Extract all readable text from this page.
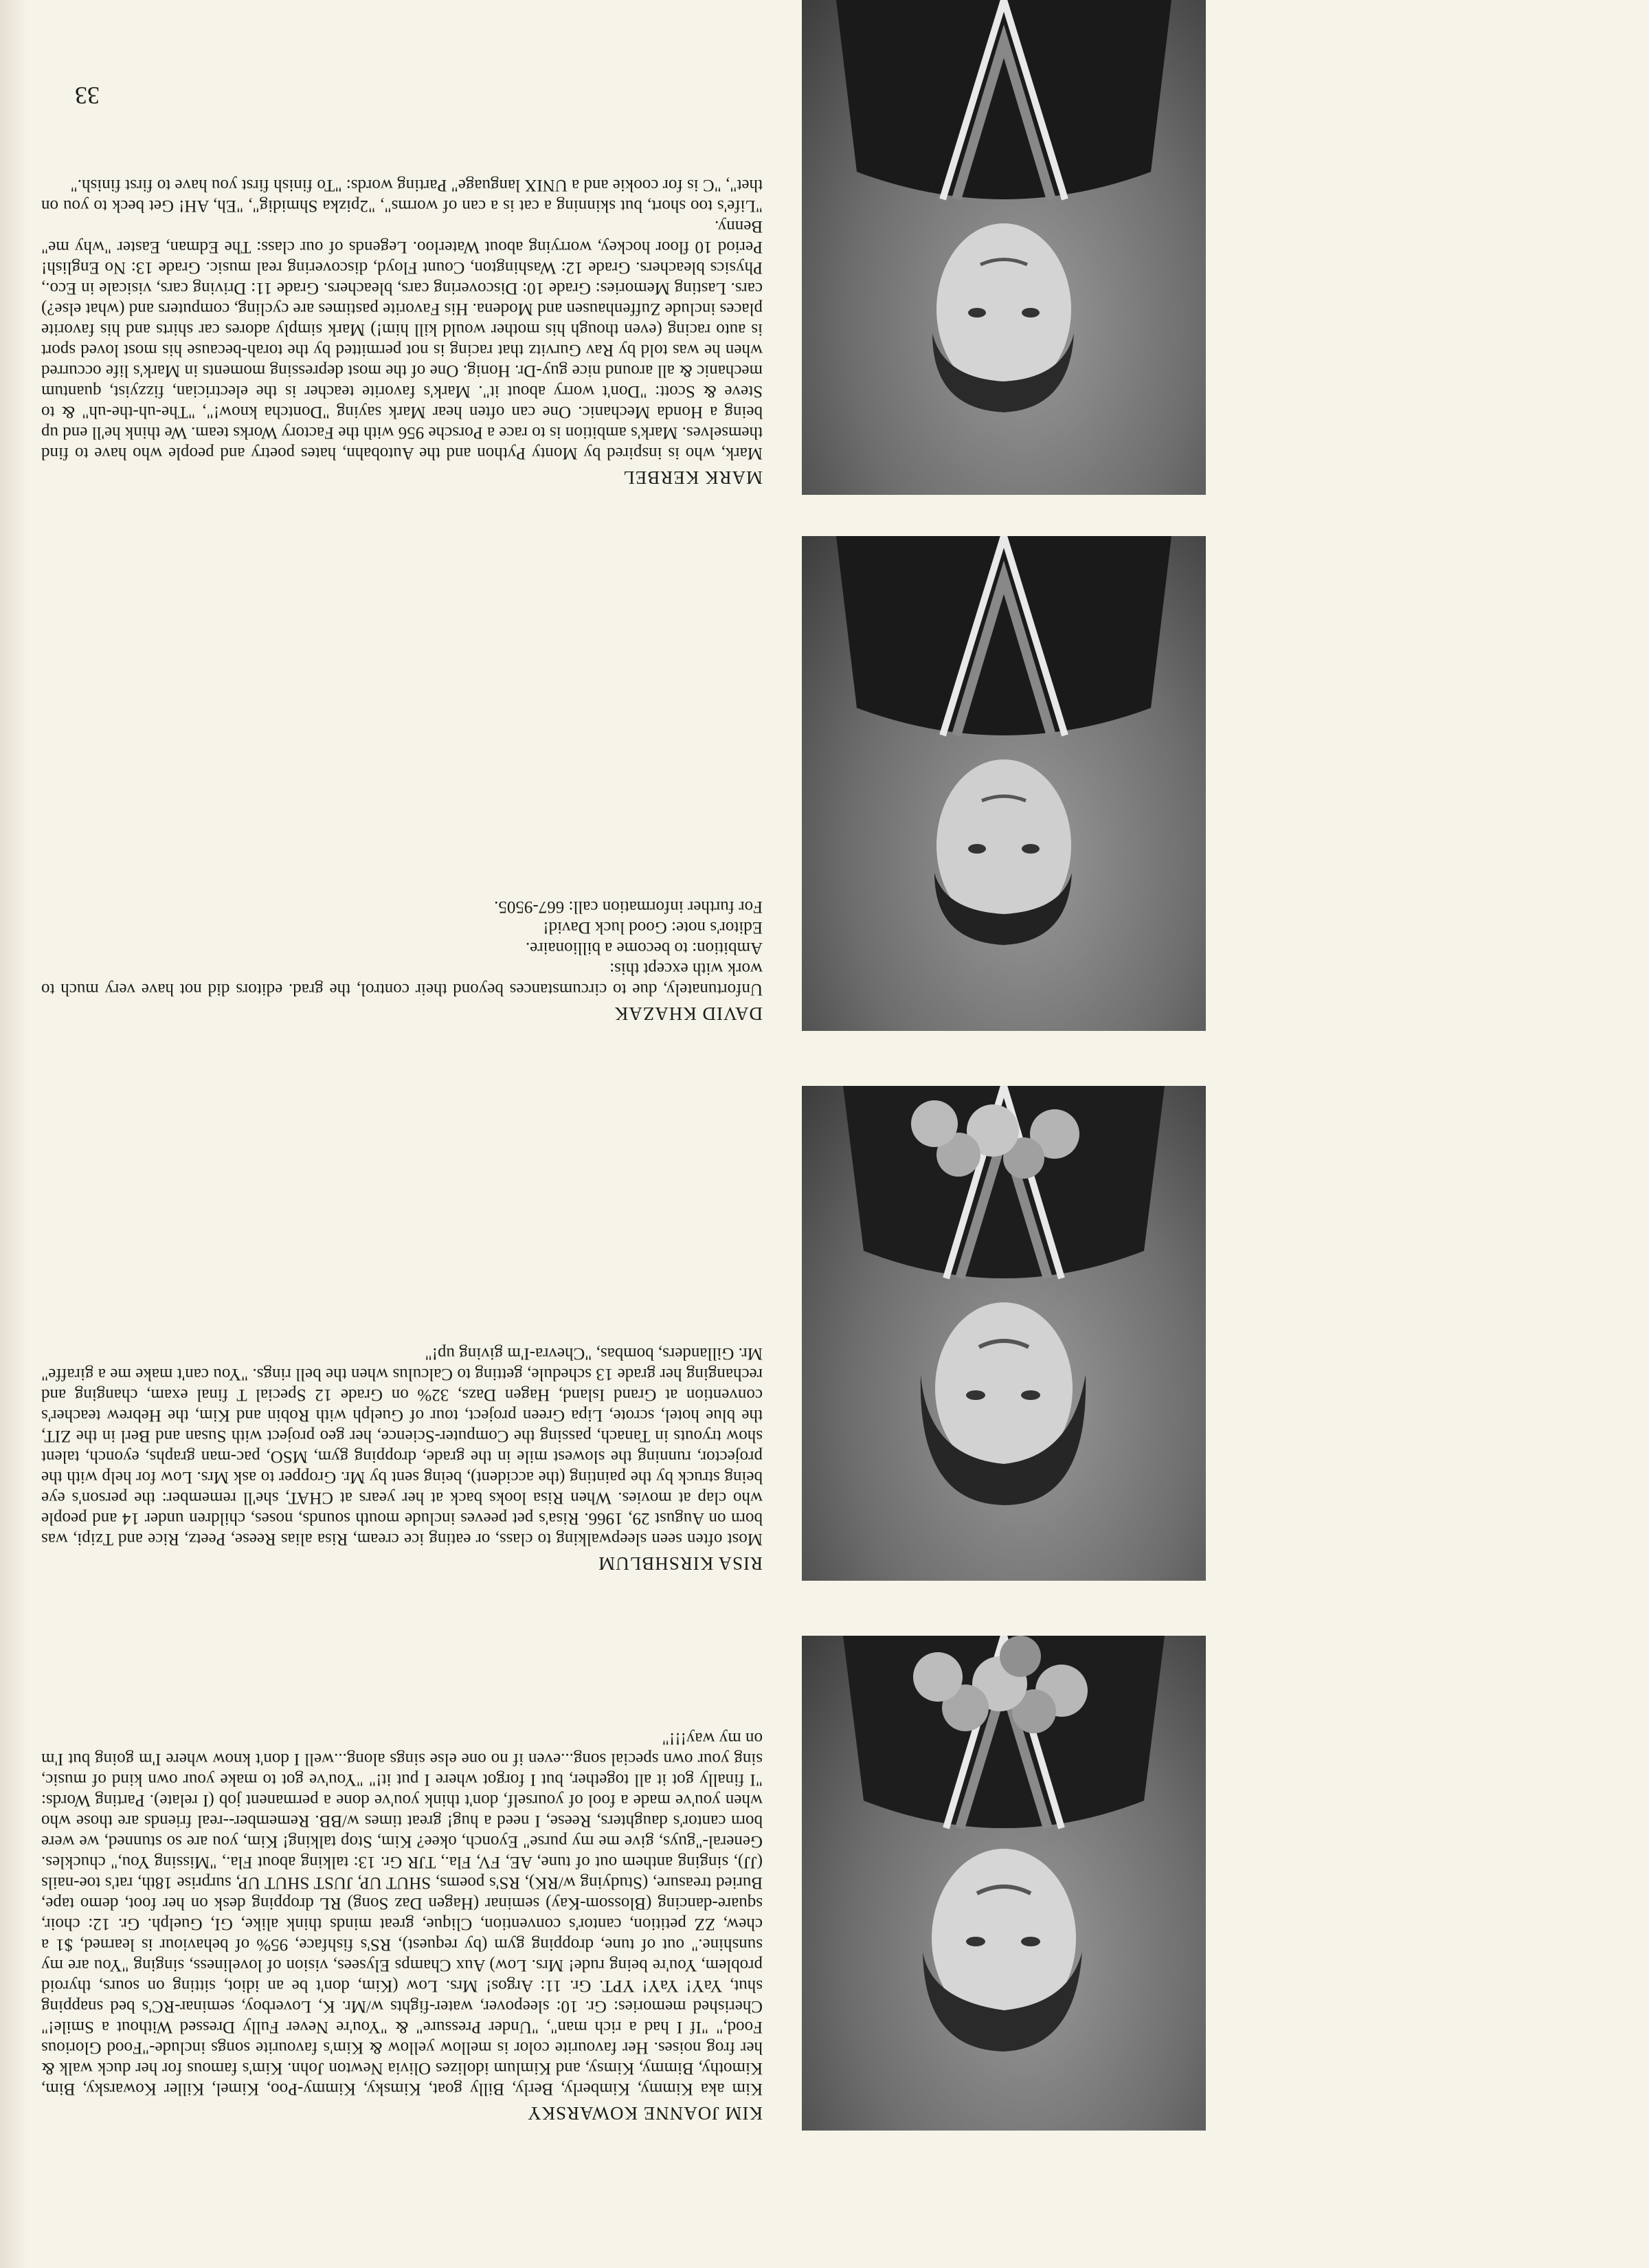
KIM JOANNE KOWARSKY
Kim aka Kimmy, Kimberly, Berly, Billy goat, Kimsky, Kimmy-Poo, Kimel, Killer Kowarsky, Bim, Kimothy, Bimmy, Kimsy, and Kimlum idolizes Olivia Newton John. Kim's famous for her duck walk & her frog noises. Her favourite color is mellow yellow & Kim's favourite songs include-"Food Glorious Food," "If I had a rich man", "Under Pressure" & "You're Never Fully Dressed Without a Smile!" Cherished memories: Gr. 10: sleepover, water-fights w/Mr. K, Loverboy, seminar-RC's bed snapping shut, YaY! YaY! YPT. Gr. 11: Argos! Mrs. Low (Kim, don't be an idiot, sitting on sours, thyroid problem, You're being rude! Mrs. Low) Aux Champs Elysees, vision of loveliness, singing "You are my sunshine." out of tune, dropping gym (by request), RS's fishface, 95% of behaviour is learned, $1 a chew, ZZ petition, cantor's convention, Clique, great minds think alike, GI, Guelph. Gr. 12: choir, square-dancing (Blossom-Kay) seminar (Hagen Daz Song) RL dropping desk on her foot, demo tape, Buried treasure, (Studying w/RK), RS's poems, SHUT UP, JUST SHUT UP, surprise 18th, rat's toe-nails (JJ), singing anthem out of tune, AE, FV, Fla., TJR Gr. 13: talking about Fla., "Missing You," chuckles. General-"guys, give me my purse" Eyonch, okee? Kim, Stop talking! Kim, you are so stunned, we were born cantor's daughters, Reese, I need a hug! great times w/BB. Remember--real friends are those who when you've made a fool of yourself, don't think you've done a permanent job (I relate). Parting Words: "I finally got it all together, but I forgot where I put it!" "You've got to make your own kind of music, sing your own special song...even if no one else sings along...well I don't know where I'm going but I'm on my way!!!"
RISA KIRSHBLUM
Most often seen sleepwalking to class, or eating ice cream, Risa alias Reese, Peetz, Rice and Tzipi, was born on August 29, 1966. Risa's pet peeves include mouth sounds, noses, children under 14 and people who clap at movies. When Risa looks back at her years at CHAT, she'll remember: the person's eye being struck by the painting (the accident), being sent by Mr. Gropper to ask Mrs. Low for help with the projector, running the slowest mile in the grade, dropping gym, MSO, pac-man graphs, eyonch, talent show tryouts in Tanach, passing the Computer-Science, her geo project with Susan and Berl in the ZIT, the blue hotel, scrote, Lipa Green project, tour of Guelph with Robin and Kim, the Hebrew teacher's convention at Grand Island, Hagen Dazs, 32% on Grade 12 Special T final exam, changing and rechanging her grade 13 schedule, getting to Calculus when the bell rings. "You can't make me a giraffe" Mr. Gillanders, bombas, "Chevra-I'm giving up!"
DAVID KHAZAK
Unfortunately, due to circumstances beyond their control, the grad. editors did not have very much to work with except this:
Ambition: to become a billionaire.
Editor's note: Good luck David!
For further information call: 667-9505.
MARK KERBEL
Mark, who is inspired by Monty Python and the Autobahn, hates poetry and people who have to find themselves. Mark's ambition is to race a Porsche 956 with the Factory Works team. We think he'll end up being a Honda Mechanic. One can often hear Mark saying "Dontcha know!", "The-uh-the-uh" & to Steve & Scott: "Don't worry about it". Mark's favorite teacher is the electrician, fizzyist, quantum mechanic & all around nice guy-Dr. Honig. One of the most depressing moments in Mark's life occurred when he was told by Rav Gurvitz that racing is not permitted by the torah-because his most loved sport is auto racing (even though his mother would kill him!) Mark simply adores car shirts and his favorite places include Zuffenhausen and Modena. His Favorite pastimes are cycling, computers and (what else?) cars. Lasting Memories: Grade 10: Discovering cars, bleachers. Grade 11: Driving cars, visicale in Eco., Physics bleachers. Grade 12: Washington, Count Floyd, discovering real music. Grade 13: No English! Period 10 floor hockey, worrying about Waterloo. Legends of our class: The Edman, Easter "why me" Benny.
"Life's too short, but skinning a cat is a can of worms", "2pizka Shmidig", "Eh, AH! Get beck to you on thet", "C is for cookie and a UNIX language" Parting words: "To finish first you have to first finish."
33
